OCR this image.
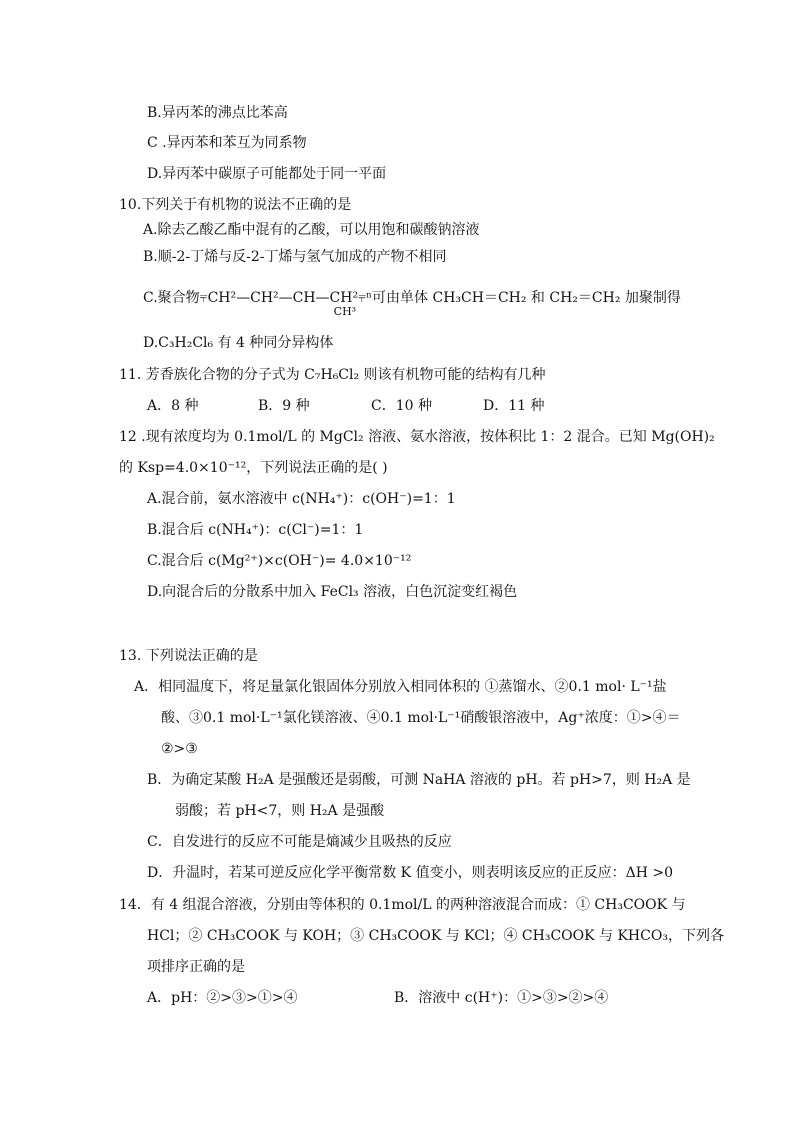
B.异丙苯的沸点比苯高
C .异丙苯和苯互为同系物
D.异丙苯中碳原子可能都处于同一平面
10.下列关于有机物的说法不正确的是
A.除去乙酸乙酯中混有的乙酸，可以用饱和碳酸钠溶液
B.顺-2-丁烯与反-2-丁烯与氢气加成的产物不相同
C.聚合物⫧CH²—CH²—CH—CH²⫧ⁿ
CH³
可由单体 CH₃CH＝CH₂ 和 CH₂＝CH₂ 加聚制得
D.C₃H₂Cl₆ 有 4 种同分异构体
11. 芳香族化合物的分子式为 C₇H₆Cl₂ 则该有机物可能的结构有几种
A．8 种	B．9 种	C．10 种	D．11 种
12 .现有浓度均为 0.1mol/L 的 MgCl₂ 溶液、氨水溶液，按体积比 1：2 混合。已知 Mg(OH)₂
的 Ksp=4.0×10⁻¹²，下列说法正确的是( )
A.混合前，氨水溶液中 c(NH₄⁺)：c(OH⁻)=1：1
B.混合后 c(NH₄⁺)：c(Cl⁻)=1：1
C.混合后 c(Mg²⁺)×c(OH⁻)= 4.0×10⁻¹²
D.向混合后的分散系中加入 FeCl₃ 溶液，白色沉淀变红褐色
13. 下列说法正确的是
A．相同温度下，将足量氯化银固体分别放入相同体积的 ①蒸馏水、②0.1 mol· L⁻¹盐
酸、③0.1 mol·L⁻¹氯化镁溶液、④0.1 mol·L⁻¹硝酸银溶液中，Ag⁺浓度：①>④＝
②>③
B．为确定某酸 H₂A 是强酸还是弱酸，可测 NaHA 溶液的 pH。若 pH>7，则 H₂A 是
弱酸；若 pH<7，则 H₂A 是强酸
C．自发进行的反应不可能是熵减少且吸热的反应
D．升温时，若某可逆反应化学平衡常数 K 值变小，则表明该反应的正反应：ΔH >0
14．有 4 组混合溶液，分别由等体积的 0.1mol/L 的两种溶液混合而成：① CH₃COOK 与
HCl；② CH₃COOK 与 KOH；③ CH₃COOK 与 KCl；④ CH₃COOK 与 KHCO₃，下列各
项排序正确的是
A．pH：②>③>①>④	B．溶液中 c(H⁺)：①>③>②>④
